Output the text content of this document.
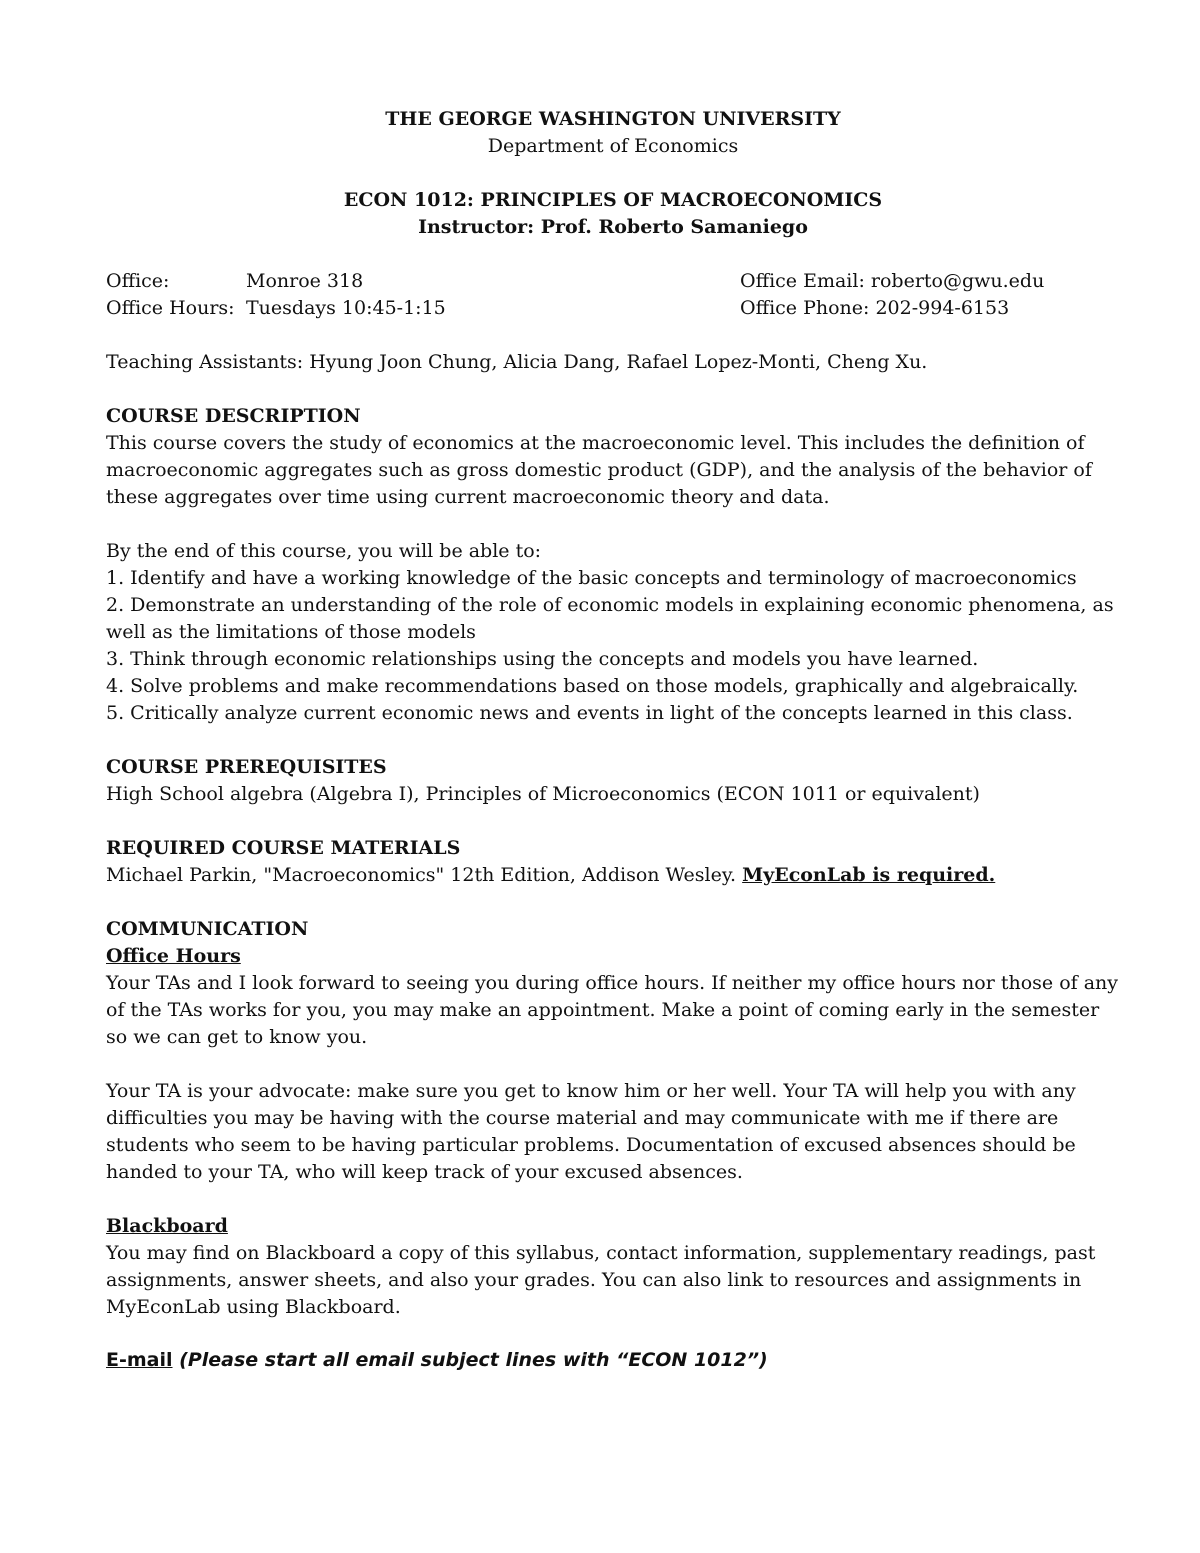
THE GEORGE WASHINGTON UNIVERSITY
Department of Economics
ECON 1012: PRINCIPLES OF MACROECONOMICS
Instructor: Prof. Roberto Samaniego
Office:	Monroe 318	Office Email: roberto@gwu.edu
Office Hours: Tuesdays 10:45-1:15	Office Phone: 202-994-6153

Teaching Assistants: Hyung Joon Chung, Alicia Dang, Rafael Lopez-Monti, Cheng Xu.

COURSE DESCRIPTION

This course covers the study of economics at the macroeconomic level. This includes the definition of macroeconomic aggregates such as gross domestic product (GDP), and the analysis of the behavior of these aggregates over time using current macroeconomic theory and data.

By the end of this course, you will be able to:

1. Identify and have a working knowledge of the basic concepts and terminology of macroeconomics
2. Demonstrate an understanding of the role of economic models in explaining economic phenomena, as well as the limitations of those models
3. Think through economic relationships using the concepts and models you have learned.
4. Solve problems and make recommendations based on those models, graphically and algebraically.
5. Critically analyze current economic news and events in light of the concepts learned in this class.
COURSE PREREQUISITES

High School algebra (Algebra I), Principles of Microeconomics (ECON 1011 or equivalent)

REQUIRED COURSE MATERIALS

Michael Parkin, "Macroeconomics" 12th Edition, Addison Wesley. MyEconLab is required.

COMMUNICATION
Office Hours

Your TAs and I look forward to seeing you during office hours. If neither my office hours nor those of any of the TAs works for you, you may make an appointment. Make a point of coming early in the semester so we can get to know you.

Your TA is your advocate: make sure you get to know him or her well. Your TA will help you with any difficulties you may be having with the course material and may communicate with me if there are students who seem to be having particular problems. Documentation of excused absences should be handed to your TA, who will keep track of your excused absences.

Blackboard

You may find on Blackboard a copy of this syllabus, contact information, supplementary readings, past assignments, answer sheets, and also your grades. You can also link to resources and assignments in MyEconLab using Blackboard.

E-mail (Please start all email subject lines with “ECON 1012”)
